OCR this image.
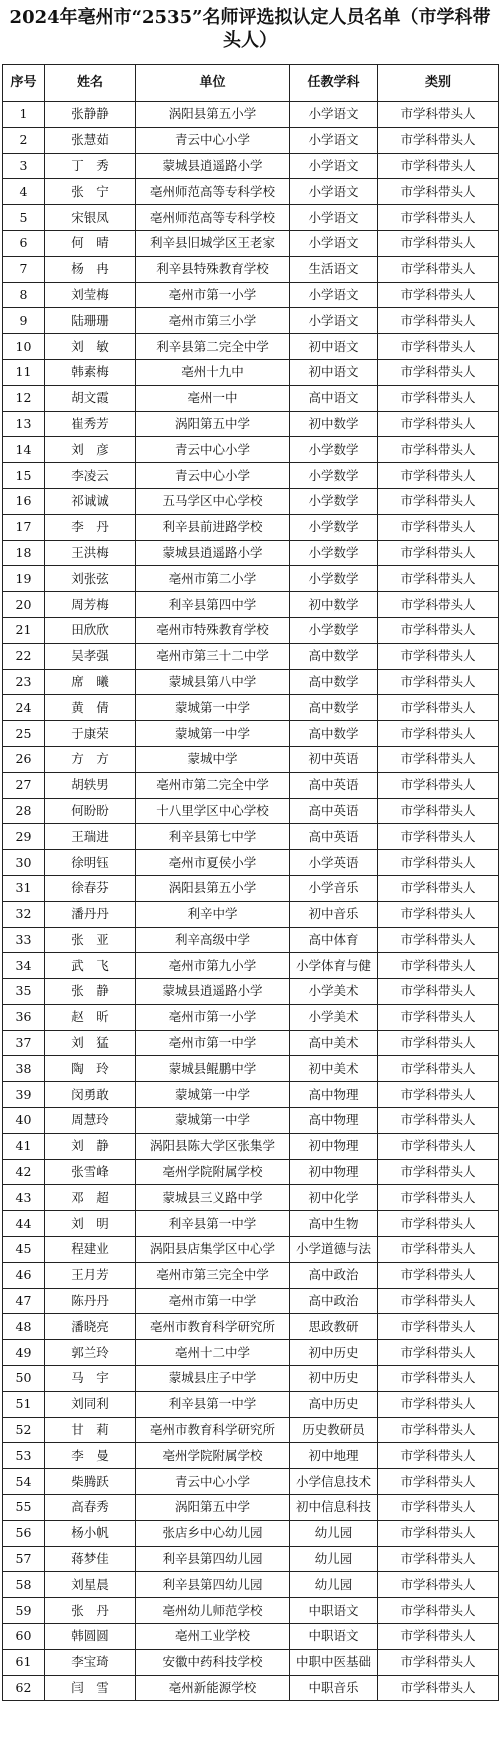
2024年亳州市“2535”名师评选拟认定人员名单（市学科带头人）
序号	姓名	单位	任教学科	类别
1	张静静	涡阳县第五小学	小学语文	市学科带头人
2	张慧茹	青云中心小学	小学语文	市学科带头人
3	丁　秀	蒙城县逍遥路小学	小学语文	市学科带头人
4	张　宁	亳州师范高等专科学校	小学语文	市学科带头人
5	宋银凤	亳州师范高等专科学校	小学语文	市学科带头人
6	何　晴	利辛县旧城学区王老家	小学语文	市学科带头人
7	杨　冉	利辛县特殊教育学校	生活语文	市学科带头人
8	刘莹梅	亳州市第一小学	小学语文	市学科带头人
9	陆珊珊	亳州市第三小学	小学语文	市学科带头人
10	刘　敏	利辛县第二完全中学	初中语文	市学科带头人
11	韩素梅	亳州十九中	初中语文	市学科带头人
12	胡文霞	亳州一中	高中语文	市学科带头人
13	崔秀芳	涡阳第五中学	初中数学	市学科带头人
14	刘　彦	青云中心小学	小学数学	市学科带头人
15	李凌云	青云中心小学	小学数学	市学科带头人
16	祁诚诚	五马学区中心学校	小学数学	市学科带头人
17	李　丹	利辛县前进路学校	小学数学	市学科带头人
18	王洪梅	蒙城县逍遥路小学	小学数学	市学科带头人
19	刘张弦	亳州市第二小学	小学数学	市学科带头人
20	周芳梅	利辛县第四中学	初中数学	市学科带头人
21	田欣欣	亳州市特殊教育学校	小学数学	市学科带头人
22	吴孝强	亳州市第三十二中学	高中数学	市学科带头人
23	席　曦	蒙城县第八中学	高中数学	市学科带头人
24	黄　倩	蒙城第一中学	高中数学	市学科带头人
25	于康荣	蒙城第一中学	高中数学	市学科带头人
26	方　方	蒙城中学	初中英语	市学科带头人
27	胡轶男	亳州市第二完全中学	高中英语	市学科带头人
28	何盼盼	十八里学区中心学校	高中英语	市学科带头人
29	王瑞进	利辛县第七中学	高中英语	市学科带头人
30	徐明钰	亳州市夏侯小学	小学英语	市学科带头人
31	徐春芬	涡阳县第五小学	小学音乐	市学科带头人
32	潘丹丹	利辛中学	初中音乐	市学科带头人
33	张　亚	利辛高级中学	高中体育	市学科带头人
34	武　飞	亳州市第九小学	小学体育与健	市学科带头人
35	张　静	蒙城县逍遥路小学	小学美术	市学科带头人
36	赵　昕	亳州市第一小学	小学美术	市学科带头人
37	刘　猛	亳州市第一中学	高中美术	市学科带头人
38	陶　玲	蒙城县鲲鹏中学	初中美术	市学科带头人
39	闵勇敢	蒙城第一中学	高中物理	市学科带头人
40	周慧玲	蒙城第一中学	高中物理	市学科带头人
41	刘　静	涡阳县陈大学区张集学	初中物理	市学科带头人
42	张雪峰	亳州学院附属学校	初中物理	市学科带头人
43	邓　超	蒙城县三义路中学	初中化学	市学科带头人
44	刘　明	利辛县第一中学	高中生物	市学科带头人
45	程建业	涡阳县店集学区中心学	小学道德与法	市学科带头人
46	王月芳	亳州市第三完全中学	高中政治	市学科带头人
47	陈丹丹	亳州市第一中学	高中政治	市学科带头人
48	潘晓亮	亳州市教育科学研究所	思政教研	市学科带头人
49	郭兰玲	亳州十二中学	初中历史	市学科带头人
50	马　宇	蒙城县庄子中学	初中历史	市学科带头人
51	刘同利	利辛县第一中学	高中历史	市学科带头人
52	甘　莉	亳州市教育科学研究所	历史教研员	市学科带头人
53	李　曼	亳州学院附属学校	初中地理	市学科带头人
54	柴腾跃	青云中心小学	小学信息技术	市学科带头人
55	高春秀	涡阳第五中学	初中信息科技	市学科带头人
56	杨小帆	张店乡中心幼儿园	幼儿园	市学科带头人
57	蒋梦佳	利辛县第四幼儿园	幼儿园	市学科带头人
58	刘星晨	利辛县第四幼儿园	幼儿园	市学科带头人
59	张　丹	亳州幼儿师范学校	中职语文	市学科带头人
60	韩圆圆	亳州工业学校	中职语文	市学科带头人
61	李宝琦	安徽中药科技学校	中职中医基础	市学科带头人
62	闫　雪	亳州新能源学校	中职音乐	市学科带头人
